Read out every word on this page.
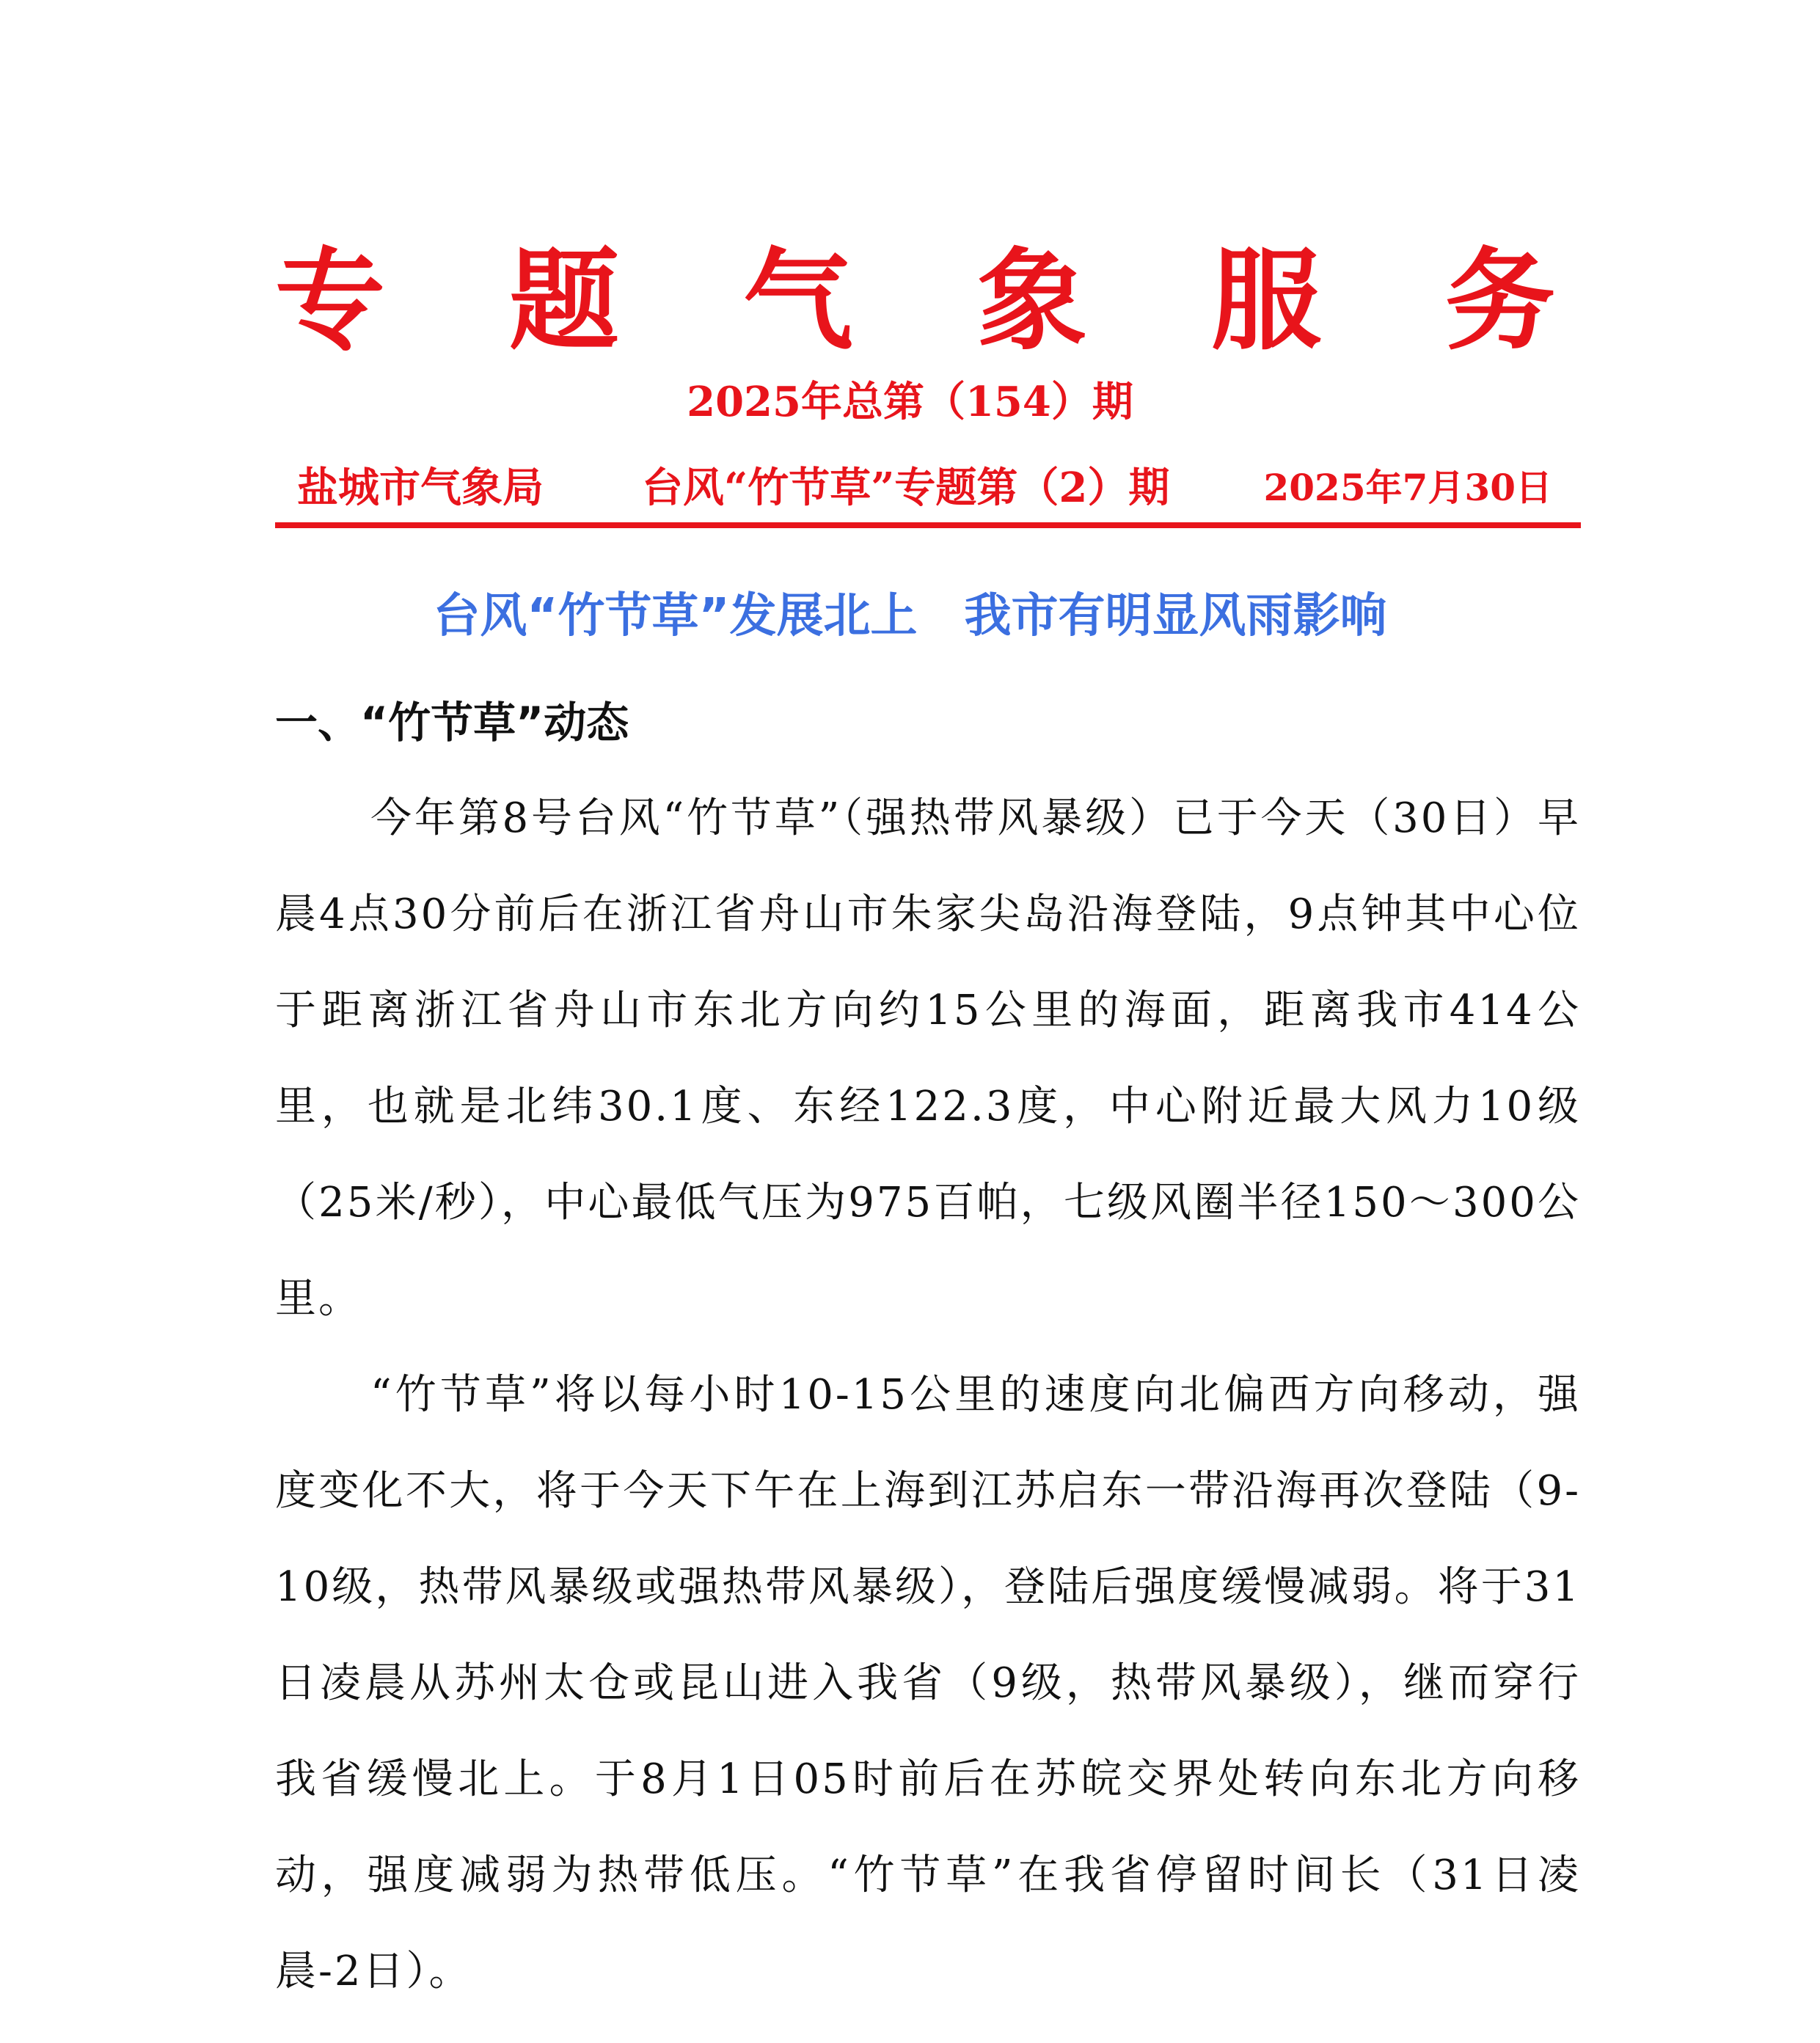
专 题 气 象 服 务
2025年总第（154）期
盐城市气象局 台风“竹节草”专题第（2）期	2025年7月30日
台风“竹节草”发展北上　我市有明显风雨影响
一、“竹节草”动态

今年第8号台风“竹节草”（强热带风暴级）已于今天（30日）早晨4点30分前后在浙江省舟山市朱家尖岛沿海登陆，9点钟其中心位于距离浙江省舟山市东北方向约15公里的海面，距离我市414公里，也就是北纬30.1度、东经122.3度，中心附近最大风力10级（25米/秒），中心最低气压为975百帕，七级风圈半径150～300公里。

“竹节草”将以每小时10-15公里的速度向北偏西方向移动，强度变化不大，将于今天下午在上海到江苏启东一带沿海再次登陆（9-10级，热带风暴级或强热带风暴级），登陆后强度缓慢减弱。将于31日凌晨从苏州太仓或昆山进入我省（9级，热带风暴级），继而穿行我省缓慢北上。于8月1日05时前后在苏皖交界处转向东北方向移动，强度减弱为热带低压。“竹节草”在我省停留时间长（31日凌晨-2日）。
